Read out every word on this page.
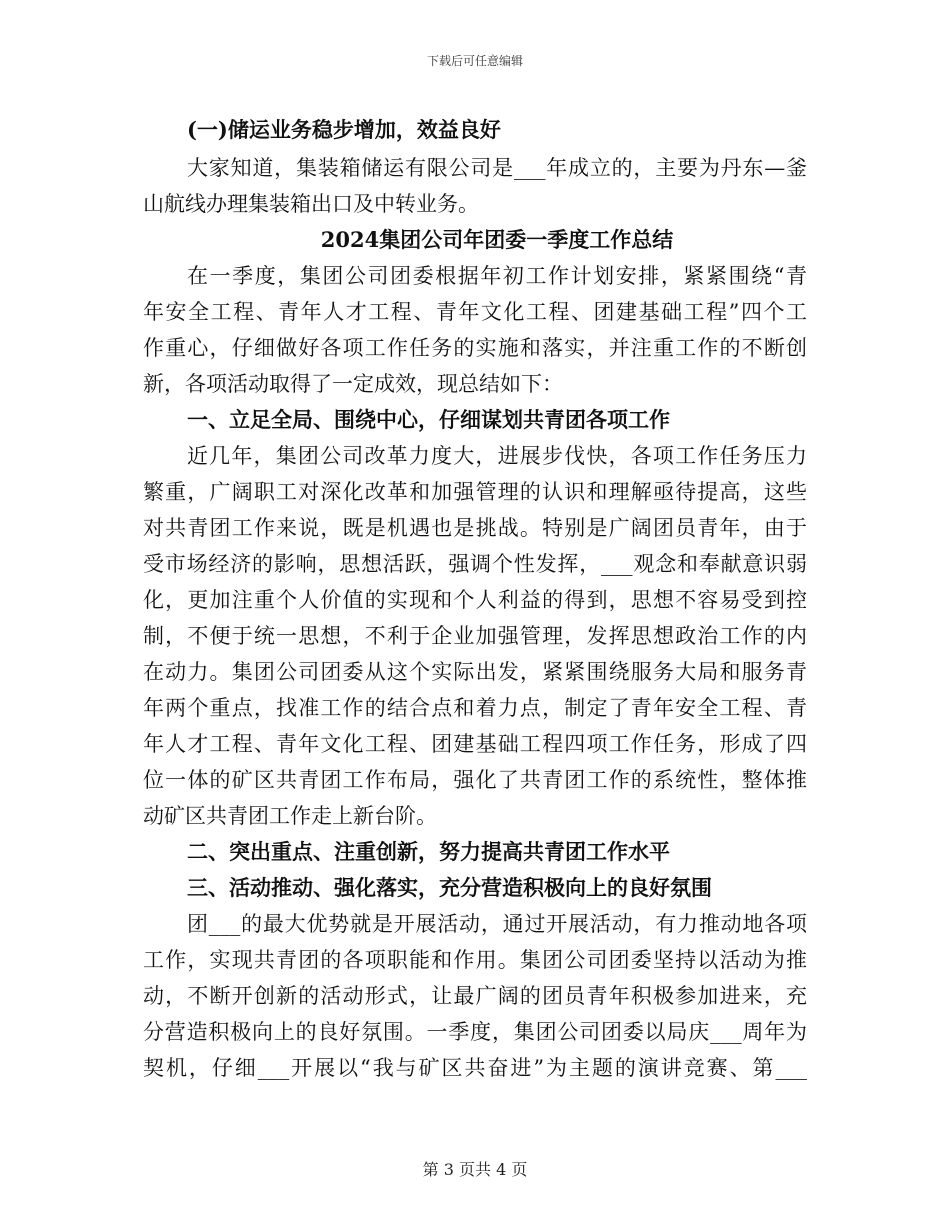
下载后可任意编辑
(一)储运业务稳步增加，效益良好
大家知道，集装箱储运有限公司是___年成立的，主要为丹东—釜
山航线办理集装箱出口及中转业务。
2024集团公司年团委一季度工作总结
在一季度，集团公司团委根据年初工作计划安排，紧紧围绕“青
年安全工程、青年人才工程、青年文化工程、团建基础工程”四个工
作重心，仔细做好各项工作任务的实施和落实，并注重工作的不断创
新，各项活动取得了一定成效，现总结如下：
一、立足全局、围绕中心，仔细谋划共青团各项工作
近几年，集团公司改革力度大，进展步伐快，各项工作任务压力
繁重，广阔职工对深化改革和加强管理的认识和理解亟待提高，这些
对共青团工作来说，既是机遇也是挑战。特别是广阔团员青年，由于
受市场经济的影响，思想活跃，强调个性发挥，___观念和奉献意识弱
化，更加注重个人价值的实现和个人利益的得到，思想不容易受到控
制，不便于统一思想，不利于企业加强管理，发挥思想政治工作的内
在动力。集团公司团委从这个实际出发，紧紧围绕服务大局和服务青
年两个重点，找准工作的结合点和着力点，制定了青年安全工程、青
年人才工程、青年文化工程、团建基础工程四项工作任务，形成了四
位一体的矿区共青团工作布局，强化了共青团工作的系统性，整体推
动矿区共青团工作走上新台阶。
二、突出重点、注重创新，努力提高共青团工作水平
三、活动推动、强化落实，充分营造积极向上的良好氛围
团___的最大优势就是开展活动，通过开展活动，有力推动地各项
工作，实现共青团的各项职能和作用。集团公司团委坚持以活动为推
动，不断开创新的活动形式，让最广阔的团员青年积极参加进来，充
分营造积极向上的良好氛围。一季度，集团公司团委以局庆___周年为
契机，仔细___开展以“我与矿区共奋进”为主题的演讲竞赛、第___
第 3 页共 4 页
